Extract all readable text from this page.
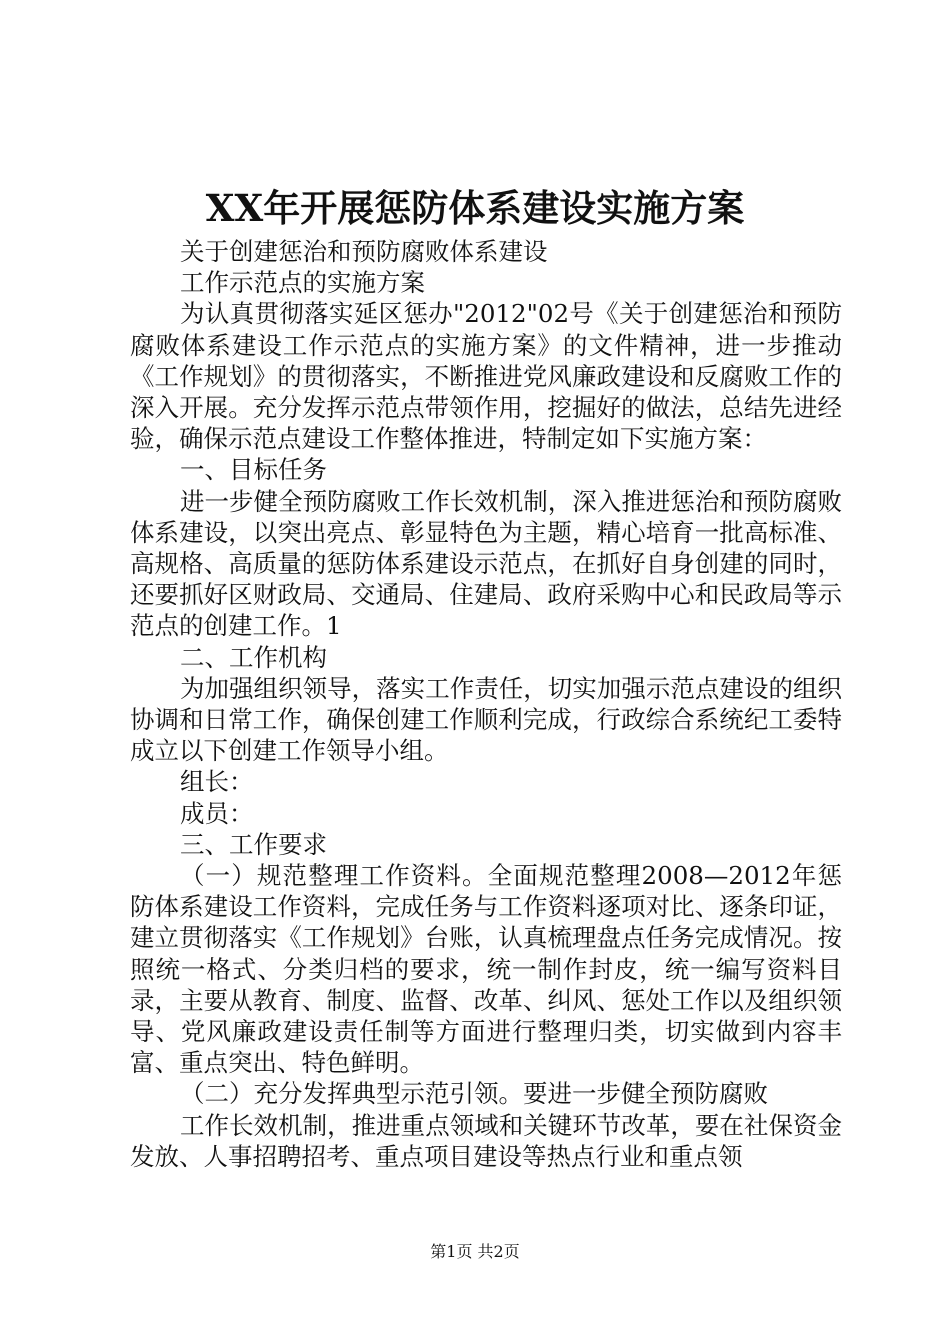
XX年开展惩防体系建设实施方案

关于创建惩治和预防腐败体系建设

工作示范点的实施方案

为认真贯彻落实延区惩办"2012"02号《关于创建惩治和预防腐败体系建设工作示范点的实施方案》的文件精神，进一步推动《工作规划》的贯彻落实，不断推进党风廉政建设和反腐败工作的深入开展。充分发挥示范点带领作用，挖掘好的做法，总结先进经验，确保示范点建设工作整体推进，特制定如下实施方案：

一、目标任务

进一步健全预防腐败工作长效机制，深入推进惩治和预防腐败体系建设，以突出亮点、彰显特色为主题，精心培育一批高标准、高规格、高质量的惩防体系建设示范点，在抓好自身创建的同时，还要抓好区财政局、交通局、住建局、政府采购中心和民政局等示范点的创建工作。1

二、工作机构

为加强组织领导，落实工作责任，切实加强示范点建设的组织协调和日常工作，确保创建工作顺利完成，行政综合系统纪工委特成立以下创建工作领导小组。

组长：

成员：

三、工作要求

（一）规范整理工作资料。全面规范整理2008—2012年惩防体系建设工作资料，完成任务与工作资料逐项对比、逐条印证，建立贯彻落实《工作规划》台账，认真梳理盘点任务完成情况。按照统一格式、分类归档的要求，统一制作封皮，统一编写资料目录，主要从教育、制度、监督、改革、纠风、惩处工作以及组织领导、党风廉政建设责任制等方面进行整理归类，切实做到内容丰富、重点突出、特色鲜明。

（二）充分发挥典型示范引领。要进一步健全预防腐败

工作长效机制，推进重点领域和关键环节改革，要在社保资金发放、人事招聘招考、重点项目建设等热点行业和重点领

第1页 共2页
